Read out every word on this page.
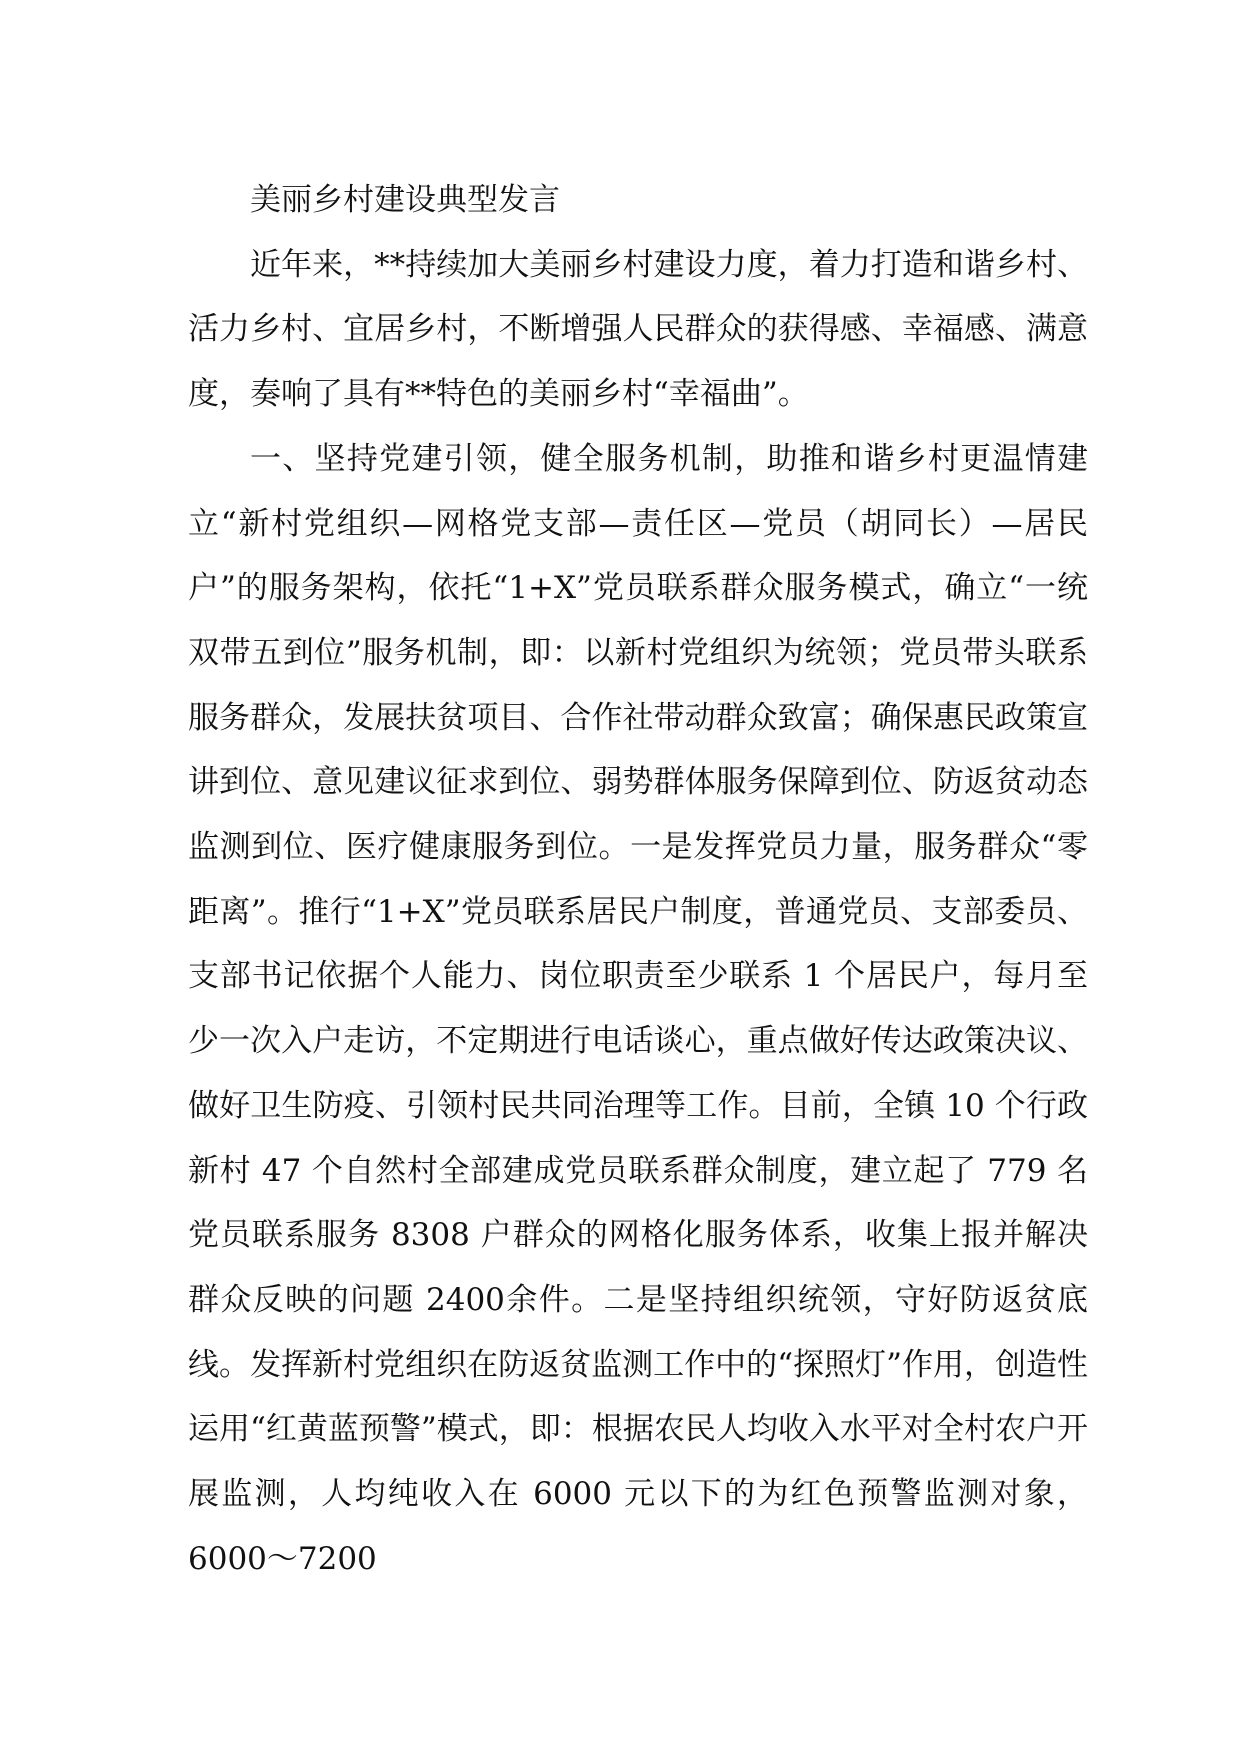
美丽乡村建设典型发言

近年来，**持续加大美丽乡村建设力度，着力打造和谐乡村、活力乡村、宜居乡村，不断增强人民群众的获得感、幸福感、满意度，奏响了具有**特色的美丽乡村“幸福曲”。

一、坚持党建引领，健全服务机制，助推和谐乡村更温情建立“新村党组织—网格党支部—责任区—党员（胡同长）—居民户”的服务架构，依托“1+X”党员联系群众服务模式，确立“一统双带五到位”服务机制，即：以新村党组织为统领；党员带头联系服务群众，发展扶贫项目、合作社带动群众致富；确保惠民政策宣讲到位、意见建议征求到位、弱势群体服务保障到位、防返贫动态监测到位、医疗健康服务到位。一是发挥党员力量，服务群众“零距离”。推行“1+X”党员联系居民户制度，普通党员、支部委员、支部书记依据个人能力、岗位职责至少联系 1 个居民户，每月至少一次入户走访，不定期进行电话谈心，重点做好传达政策决议、做好卫生防疫、引领村民共同治理等工作。目前，全镇 10 个行政新村 47 个自然村全部建成党员联系群众制度，建立起了 779 名党员联系服务 8308 户群众的网格化服务体系，收集上报并解决群众反映的问题 2400余件。二是坚持组织统领，守好防返贫底线。发挥新村党组织在防返贫监测工作中的“探照灯”作用，创造性运用“红黄蓝预警”模式，即：根据农民人均收入水平对全村农户开展监测，人均纯收入在 6000 元以下的为红色预警监测对象，6000～7200
